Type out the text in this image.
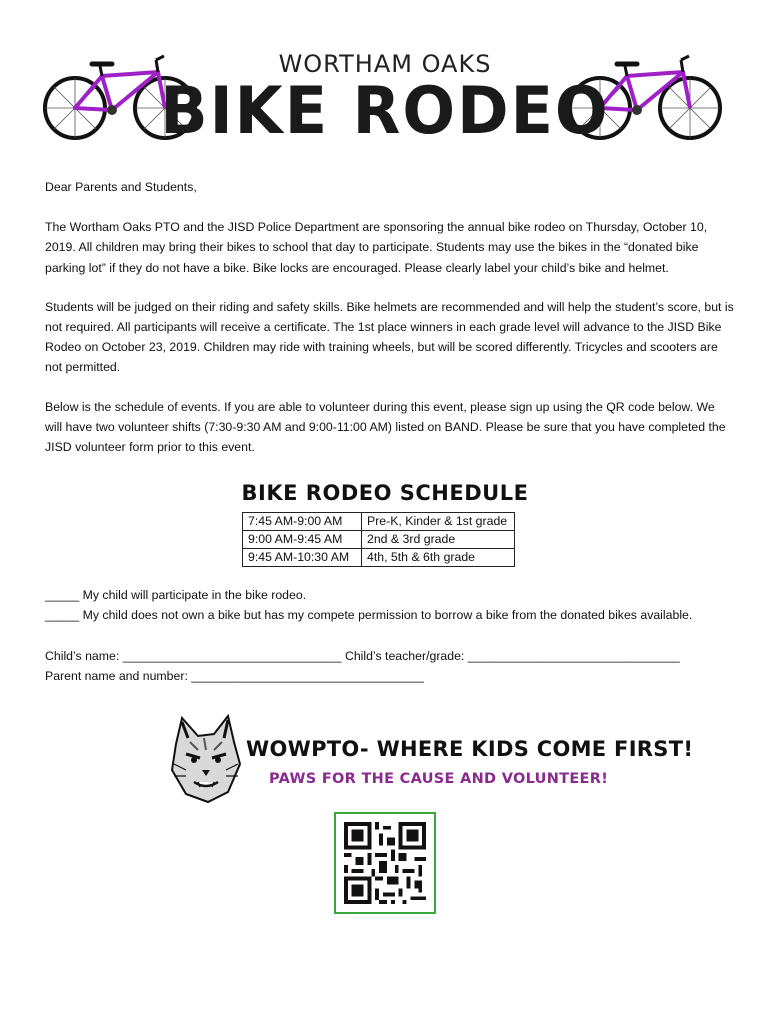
WORTHAM OAKS
BIKE RODEO

Dear Parents and Students,

The Wortham Oaks PTO and the JISD Police Department are sponsoring the annual bike rodeo on Thursday, October 10, 2019. All children may bring their bikes to school that day to participate. Students may use the bikes in the “donated bike parking lot” if they do not have a bike. Bike locks are encouraged. Please clearly label your child’s bike and helmet.

Students will be judged on their riding and safety skills. Bike helmets are recommended and will help the student’s score, but is not required. All participants will receive a certificate. The 1st place winners in each grade level will advance to the JISD Bike Rodeo on October 23, 2019. Children may ride with training wheels, but will be scored differently. Tricycles and scooters are not permitted.

Below is the schedule of events. If you are able to volunteer during this event, please sign up using the QR code below. We will have two volunteer shifts (7:30-9:30 AM and 9:00-11:00 AM) listed on BAND. Please be sure that you have completed the JISD volunteer form prior to this event.

BIKE RODEO SCHEDULE
7:45 AM-9:00 AM	Pre-K, Kinder & 1st grade
9:00 AM-9:45 AM	2nd & 3rd grade
9:45 AM-10:30 AM	4th, 5th & 6th grade

_____ My child will participate in the bike rodeo.

_____ My child does not own a bike but has my compete permission to borrow a bike from the donated bikes available.

Child’s name: ________________________________ Child’s teacher/grade: _______________________________

Parent name and number: __________________________________

WOWPTO- WHERE KIDS COME FIRST!
PAWS FOR THE CAUSE AND VOLUNTEER!
